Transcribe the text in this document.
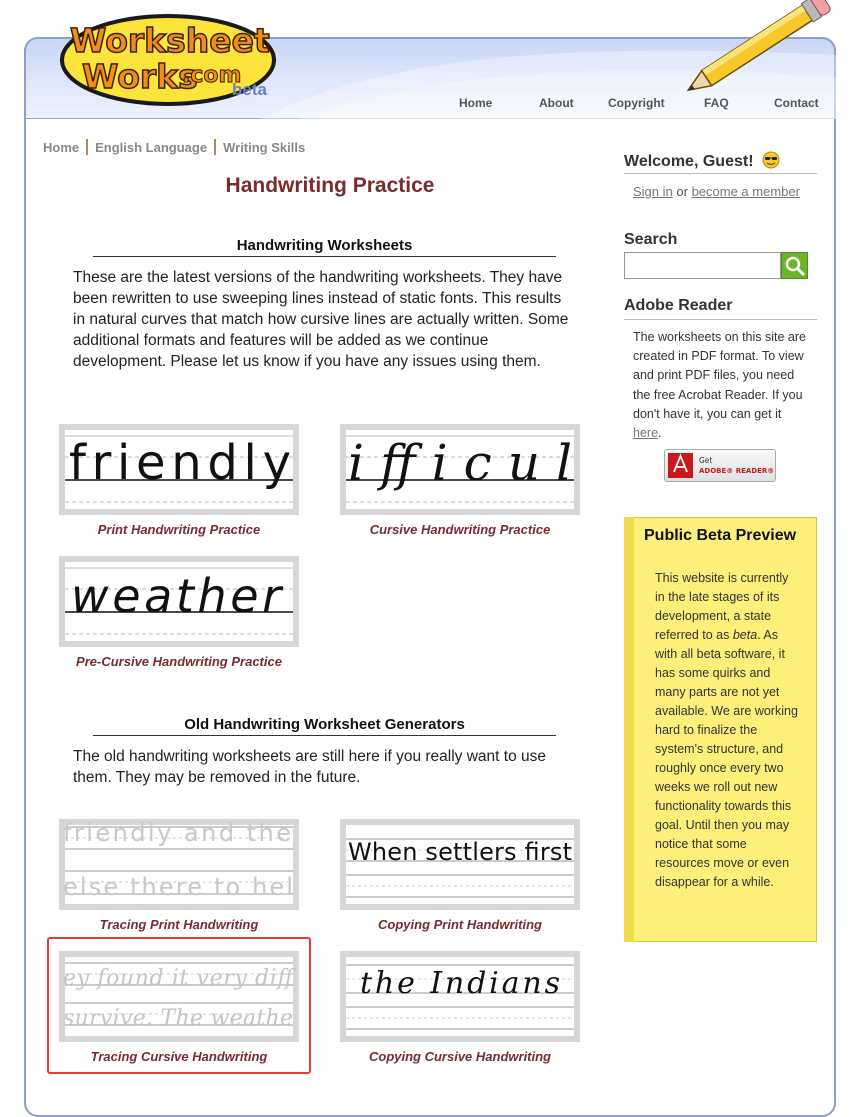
Worksheet
Works
.com
beta
Home	About	Copyright	FAQ	Contact
Home English Language Writing Skills
Handwriting Practice
Handwriting Worksheets
These are the latest versions of the handwriting worksheets. They have been rewritten to use sweeping lines instead of static fonts. This results in natural curves that match how cursive lines are actually written. Some additional formats and features will be added as we continue development. Please let us know if you have any issues using them.
friendly
Print Handwriting Practice
ifficul
Cursive Handwriting Practice
weather
Pre-Cursive Handwriting Practice
Old Handwriting Worksheet Generators
The old handwriting worksheets are still here if you really want to use them. They may be removed in the future.
friendly and the
else there to hel
Tracing Print Handwriting
When settlers first
Copying Print Handwriting
ey found it very diff
survive. The weathe
Tracing Cursive Handwriting
the Indians
Copying Cursive Handwriting
Welcome, Guest!
Sign in or become a member
Search
Adobe Reader
The worksheets on this site are created in PDF format. To view and print PDF files, you need the free Acrobat Reader. If you don't have it, you can get it here.
Get
ADOBE® READER®
Public Beta Preview
This website is currently in the late stages of its development, a state referred to as beta. As with all beta software, it has some quirks and many parts are not yet available. We are working hard to finalize the system's structure, and roughly once every two weeks we roll out new functionality towards this goal. Until then you may notice that some resources move or even disappear for a while.
